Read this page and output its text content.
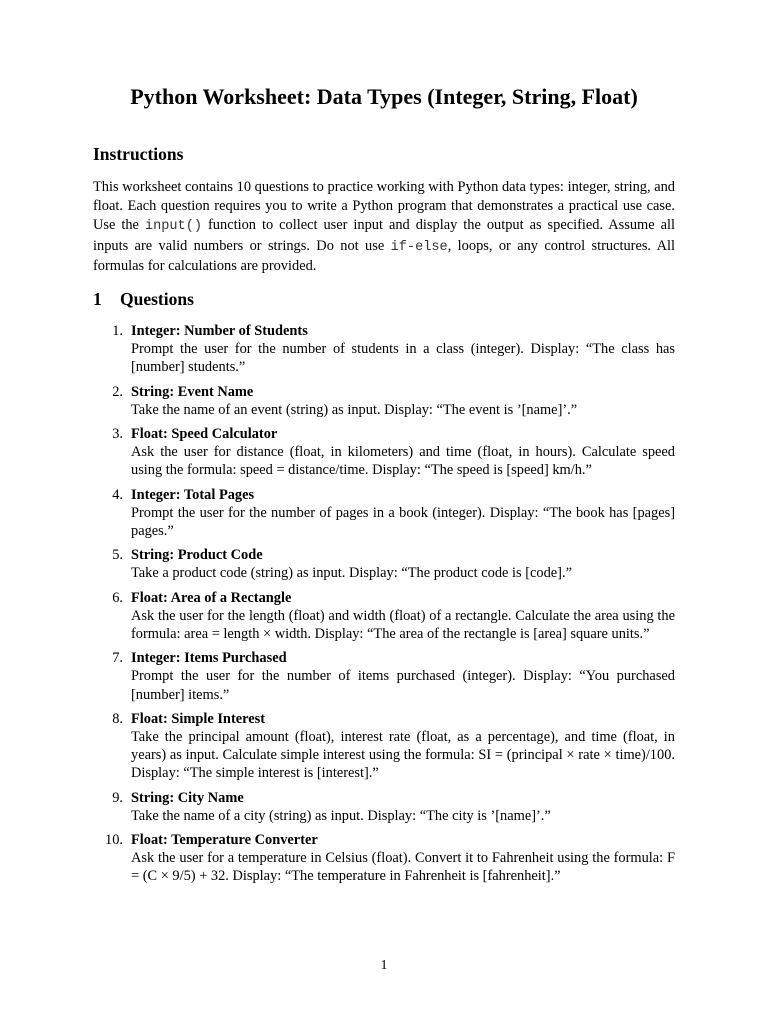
Python Worksheet: Data Types (Integer, String, Float)
Instructions

This worksheet contains 10 questions to practice working with Python data types: integer, string, and float. Each question requires you to write a Python program that demonstrates a practical use case. Use the input() function to collect user input and display the output as specified. Assume all inputs are valid numbers or strings. Do not use if-else, loops, or any control structures. All formulas for calculations are provided.

1 Questions
1. Integer: Number of Students
Prompt the user for the number of students in a class (integer). Display: “The class has [number] students.”
2. String: Event Name
Take the name of an event (string) as input. Display: “The event is ’[name]’.”
3. Float: Speed Calculator
Ask the user for distance (float, in kilometers) and time (float, in hours). Calculate speed using the formula: speed = distance/time. Display: “The speed is [speed] km/h.”
4. Integer: Total Pages
Prompt the user for the number of pages in a book (integer). Display: “The book has [pages] pages.”
5. String: Product Code
Take a product code (string) as input. Display: “The product code is [code].”
6. Float: Area of a Rectangle
Ask the user for the length (float) and width (float) of a rectangle. Calculate the area using the formula: area = length × width. Display: “The area of the rectangle is [area] square units.”
7. Integer: Items Purchased
Prompt the user for the number of items purchased (integer). Display: “You purchased [number] items.”
8. Float: Simple Interest
Take the principal amount (float), interest rate (float, as a percentage), and time (float, in years) as input. Calculate simple interest using the formula: SI = (principal × rate × time)/100. Display: “The simple interest is [interest].”
9. String: City Name
Take the name of a city (string) as input. Display: “The city is ’[name]’.”
10. Float: Temperature Converter
Ask the user for a temperature in Celsius (float). Convert it to Fahrenheit using the formula: F = (C × 9/5) + 32. Display: “The temperature in Fahrenheit is [fahrenheit].”
1
